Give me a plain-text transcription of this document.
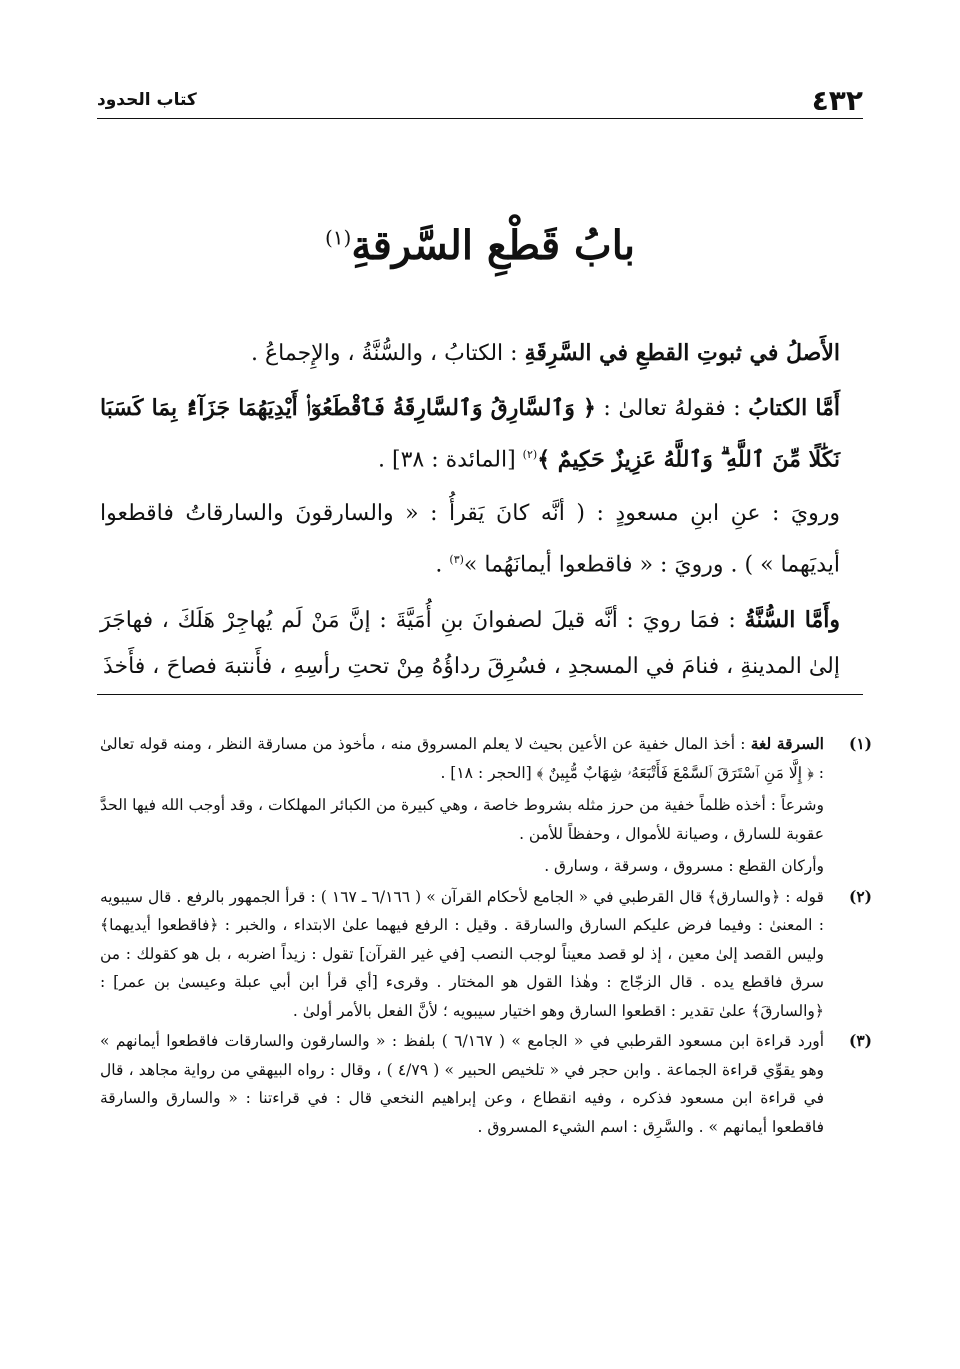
٤٣٢
كتاب الحدود
بابُ قَطْعِ السَّرقةِ$^{(١)}$

الأَصلُ في ثبوتِ القطعِ في السَّرِقَةِ : الكتابُ ، والسُّنَّةُ ، والإِجماعُ .

أَمَّا الكتابُ : فقولهُ تعالىٰ : ﴿ وَٱلسَّارِقُ وَٱلسَّارِقَةُ فَٱقْطَعُوٓا۟ أَيْدِيَهُمَا جَزَآءًۢ بِمَا كَسَبَا نَكَٰلًا مِّنَ ٱللَّهِ ۗ وَٱللَّهُ عَزِيزٌ حَكِيمٌ ﴾$^{(٢)}$ [المائدة : ٣٨] .

ورويَ : عنِ ابنِ مسعودٍ : ( أنَّه كانَ يَقرأُ : « والسارقونَ والسارقاتُ فاقطعوا أيديَهما » ) . ورويَ : « فاقطعوا أيمانَهُما »$^{(٣)}$ .

وأَمَّا السُّنَّةُ : فمَا رويَ : أنَّه قيلَ لصفوانَ بنِ أُمَيَّةَ : إنَّ مَنْ لَم يُهاجِرْ هَلَكَ ، فهاجَرَ إلىٰ المدينةِ ، فنامَ في المسجدِ ، فسُرِقَ رداؤُهُ مِنْ تحتِ رأسِهِ ، فأَنتبهَ فصاحَ ، فأَخذَ

(١)

السرقة لغة : أخذ المال خفية عن الأعين بحيث لا يعلم المسروق منه ، مأخوذ من مسارقة النظر ، ومنه قوله تعالىٰ : ﴿ إِلَّا مَنِ ٱسْتَرَقَ ٱلسَّمْعَ فَأَتْبَعَهُۥ شِهَابٌ مُّبِينٌ ﴾ [الحجر : ١٨] .

وشرعاً : أخذه ظلماً خفية من حرز مثله بشروط خاصة ، وهي كبيرة من الكبائر المهلكات ، وقد أوجب الله فيها الحدَّ عقوبة للسارق ، وصيانة للأموال ، وحفظاً للأمن .

وأركان القطع : مسروق ، وسرقة ، وسارق .

(٢)

قوله : ﴿والسارق﴾ قال القرطبي في « الجامع لأحكام القرآن » ( ٦/١٦٦ ـ ١٦٧ ) : قرأ الجمهور بالرفع . قال سيبويه : المعنىٰ : وفيما فرض عليكم السارق والسارقة . وقيل : الرفع فيهما علىٰ الابتداء ، والخبر : ﴿فاقطعوا أيديهما﴾ وليس القصد إلىٰ معين ، إذ لو قصد معيناً لوجب النصب [في غير القرآن] تقول : زيداً اضربه ، بل هو كقولك : من سرق فاقطع يده . قال الزجّاج : وهٰذا القول هو المختار . وقرىء [أي قرأ ابن أبي عبلة وعيسىٰ بن عمر] : ﴿والسارقَ﴾ علىٰ تقدير : اقطعوا السارق وهو اختيار سيبويه ؛ لأنَّ الفعل بالأمر أولىٰ .

(٣)

أورد قراءة ابن مسعود القرطبي في « الجامع » ( ٦/١٦٧ ) بلفظ : « والسارقون والسارقات فاقطعوا أيمانهم » وهو يقوِّي قراءة الجماعة . وابن حجر في « تلخيص الحبير » ( ٤/٧٩ ) ، وقال : رواه البيهقي من رواية مجاهد ، قال في قراءة ابن مسعود فذكره ، وفيه انقطاع ، وعن إبراهيم النخعي قال : في قراءتنا : « والسارق والسارقة فاقطعوا أيمانهم » . والسَّرِق : اسم الشيء المسروق .
